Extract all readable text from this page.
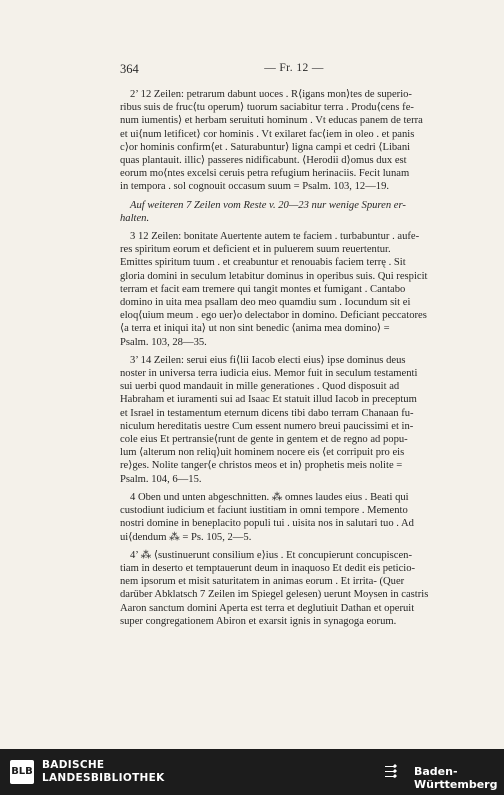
364	— Fr. 12 —

2’ 12 Zeilen: petrarum dabunt uoces . R⟨igans mon⟩tes de superio-
ribus suis de fruc⟨tu operum⟩ tuorum saciabitur terra . Produ⟨cens fe-
num iumentis⟩ et herbam seruituti hominum . Vt educas panem de terra
et ui⟨num letificet⟩ cor hominis . Vt exilaret fac⟨iem in oleo . et panis
c⟩or hominis confirm⟨et . Saturabuntur⟩ ligna campi et cedri ⟨Libani
quas plantauit. illic⟩ passeres nidificabunt. ⟨Herodii d⟩omus dux est
eorum mo⟨ntes excelsi ceruis petra refugium herinaciis. Fecit lunam
in tempora . sol cognouit occasum suum = Psalm. 103, 12—19.

Auf weiteren 7 Zeilen vom Reste v. 20—23 nur wenige Spuren er-
halten.

3 12 Zeilen: bonitate Auertente autem te faciem . turbabuntur . aufe-
res spiritum eorum et deficient et in puluerem suum reuertentur.
Emittes spiritum tuum . et creabuntur et renouabis faciem terrę . Sit
gloria domini in seculum letabitur dominus in operibus suis. Qui respicit
terram et facit eam tremere qui tangit montes et fumigant . Cantabo
domino in uita mea psallam deo meo quamdiu sum . Iocundum sit ei
eloq⟨uium meum . ego uer⟩o delectabor in domino. Deficiant peccatores
⟨a terra et iniqui ita⟩ ut non sint benedic ⟨anima mea domino⟩ =
Psalm. 103, 28—35.

3’ 14 Zeilen: serui eius fi⟨lii Iacob electi eius⟩ ipse dominus deus
noster in universa terra iudicia eius. Memor fuit in seculum testamenti
sui uerbi quod mandauit in mille generationes . Quod disposuit ad
Habraham et iuramenti sui ad Isaac Et statuit illud Iacob in preceptum
et Israel in testamentum eternum dicens tibi dabo terram Chanaan fu-
niculum hereditatis uestre Cum essent numero breui paucissimi et in-
cole eius Et pertransie⟨runt de gente in gentem et de regno ad popu-
lum ⟨alterum non reliq⟩uit hominem nocere eis ⟨et corripuit pro eis
re⟩ges. Nolite tanger⟨e christos meos et in⟩ prophetis meis nolite =
Psalm. 104, 6—15.

4 Oben und unten abgeschnitten. ⁂ omnes laudes eius . Beati qui
custodiunt iudicium et faciunt iustitiam in omni tempore . Memento
nostri domine in beneplacito populi tui . uisita nos in salutari tuo . Ad
ui⟨dendum ⁂ = Ps. 105, 2—5.

4’ ⁂ ⟨sustinuerunt consilium e⟩ius . Et concupierunt concupiscen-
tiam in deserto et temptauerunt deum in inaquoso Et dedit eis peticio-
nem ipsorum et misit saturitatem in animas eorum . Et irrita- (Quer
darüber Abklatsch 7 Zeilen im Spiegel gelesen) uerunt Moysen in castris
Aaron sanctum domini Aperta est terra et deglutiuit Dathan et operuit
super congregationem Abiron et exarsit ignis in synagoga eorum.

BLB
BADISCHE
LANDESBIBLIOTHEK	Baden-Württemberg
